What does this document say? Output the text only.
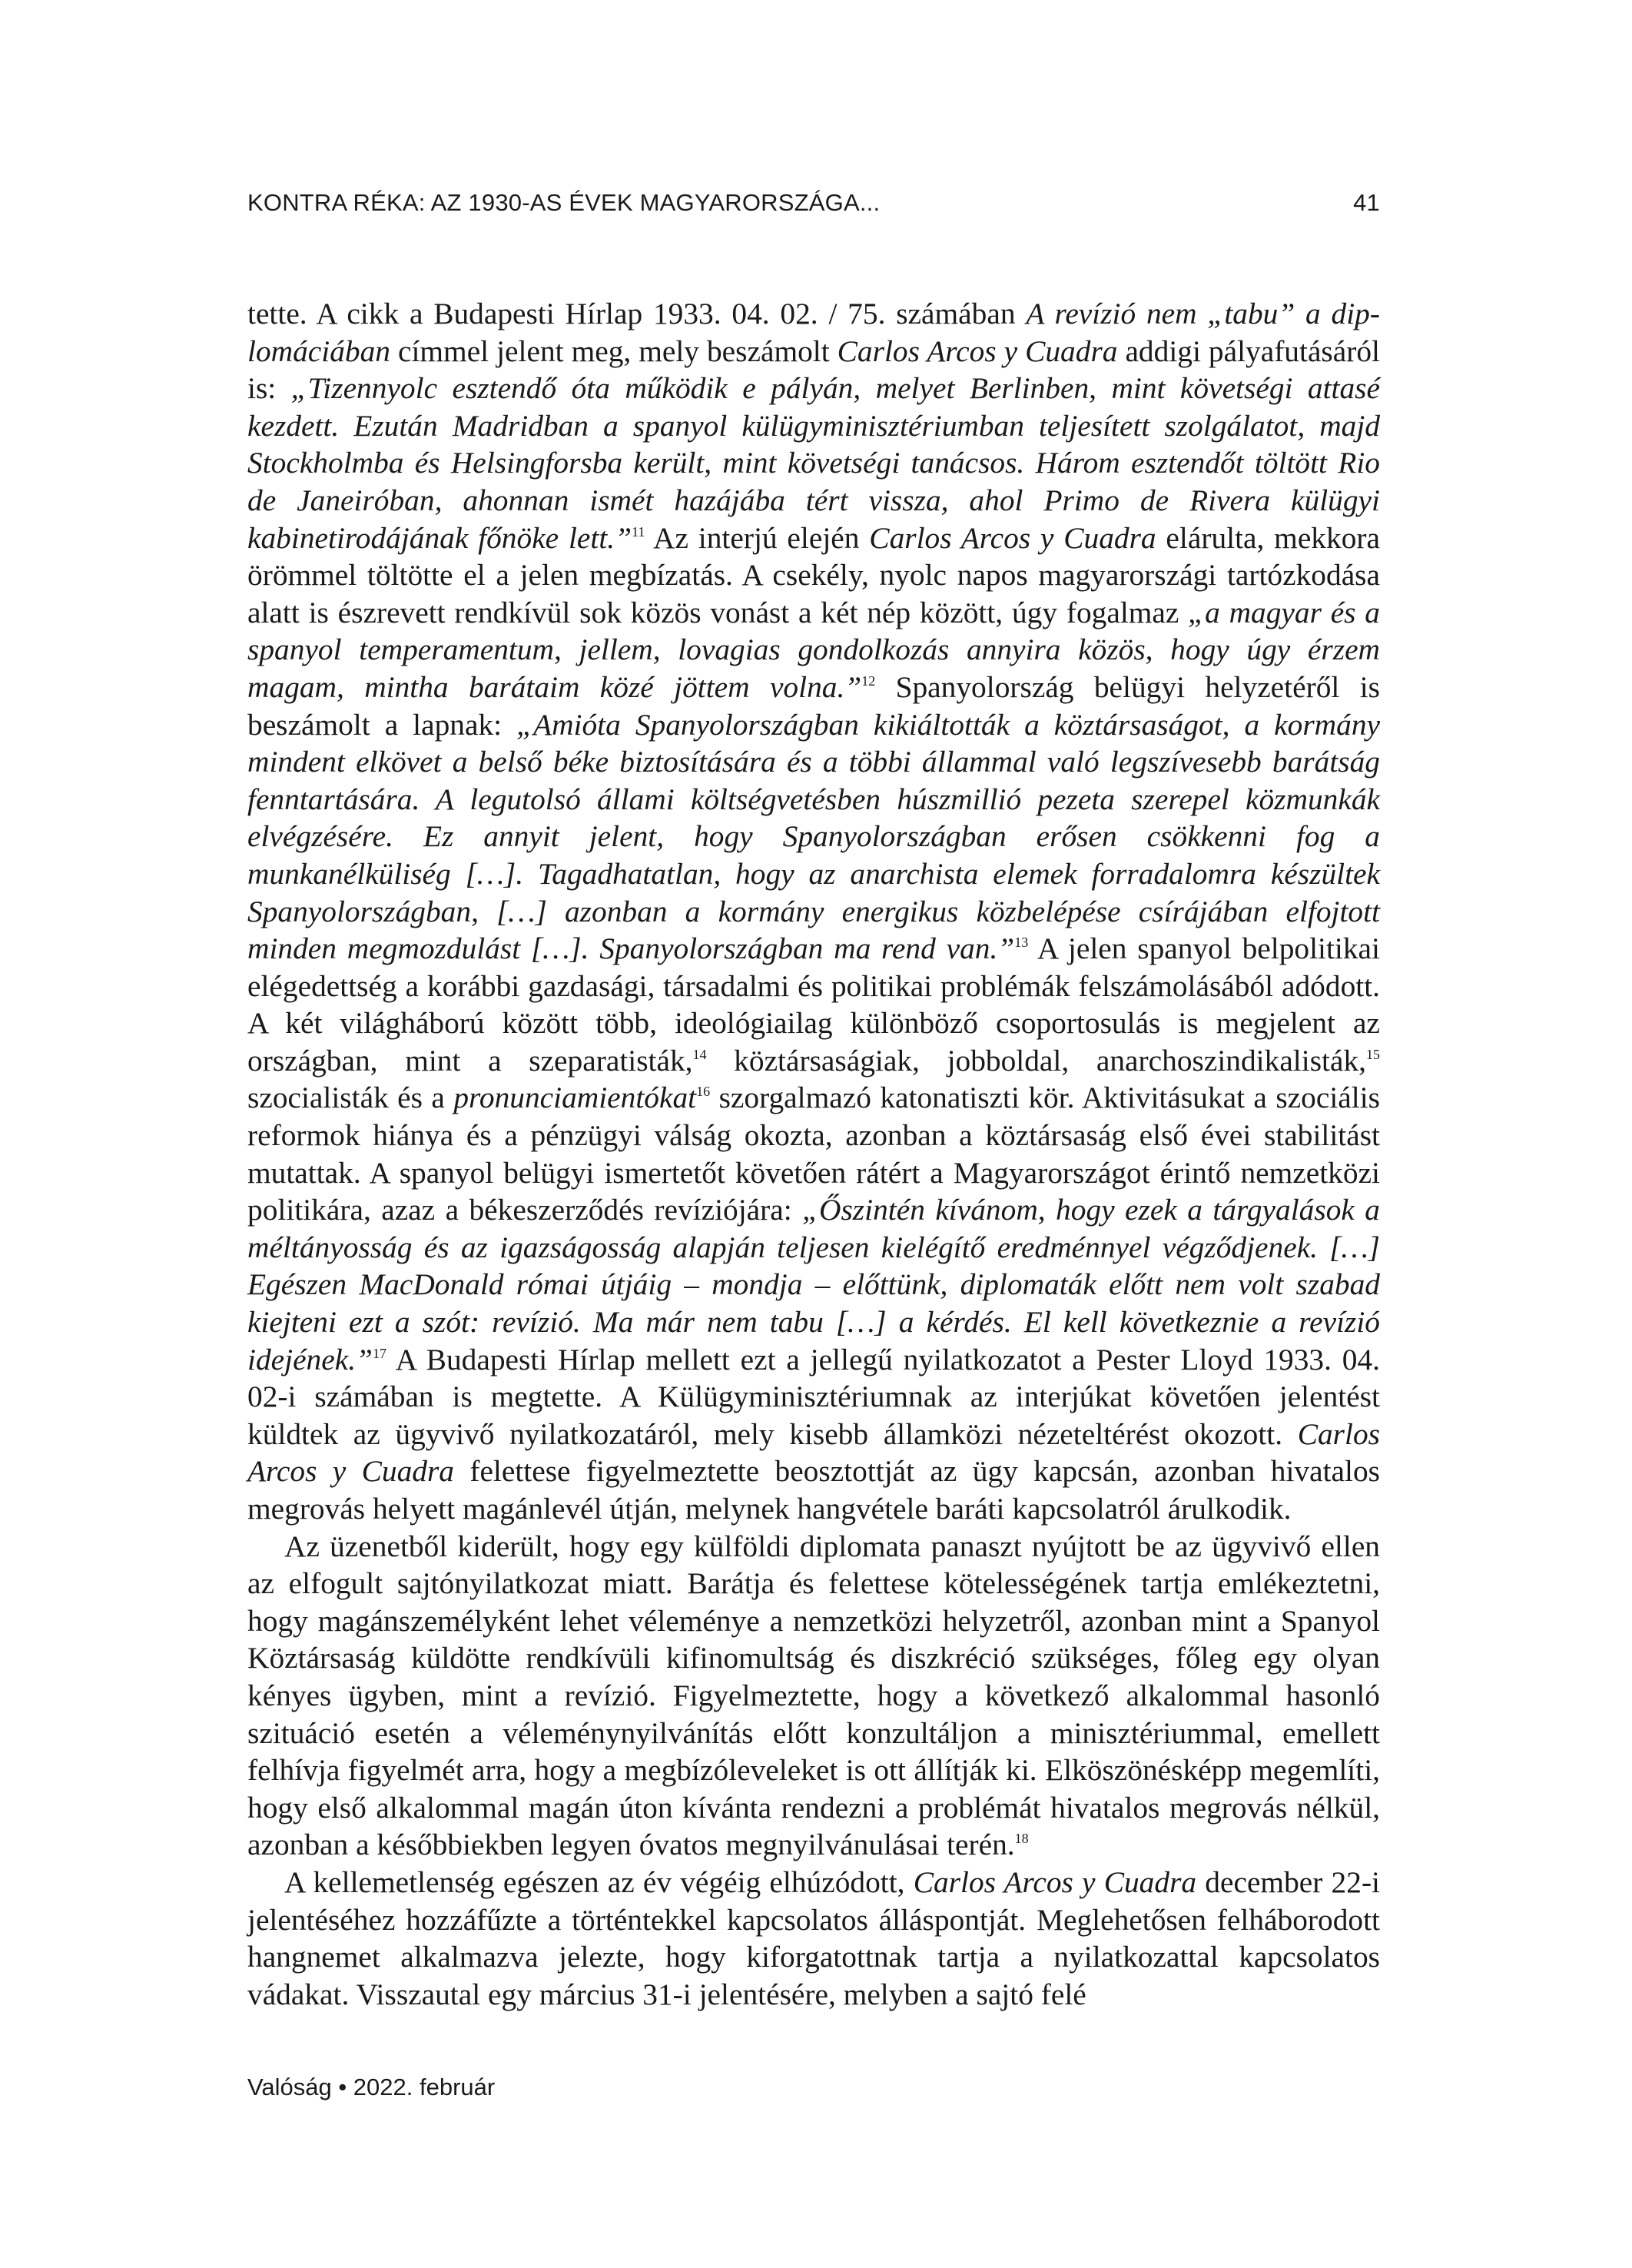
KONTRA RÉKA: AZ 1930-AS ÉVEK MAGYARORSZÁGA...	41

tette. A cikk a Budapesti Hírlap 1933. 04. 02. / 75. számában A revízió nem „tabu” a diplomáciában címmel jelent meg, mely beszámolt Carlos Arcos y Cuadra addigi pályafutásáról is: „Tizennyolc esztendő óta működik e pályán, melyet Berlinben, mint követségi attasé kezdett. Ezután Madridban a spanyol külügyminisztériumban teljesített szolgálatot, majd Stockholmba és Helsingforsba került, mint követségi tanácsos. Három esztendőt töltött Rio de Janeiróban, ahonnan ismét hazájába tért vissza, ahol Primo de Rivera külügyi kabinetirodájának főnöke lett.”$^{11}$ Az interjú elején Carlos Arcos y Cuadra elárulta, mekkora örömmel töltötte el a jelen megbízatás. A csekély, nyolc napos magyarországi tartózkodása alatt is észrevett rendkívül sok közös vonást a két nép között, úgy fogalmaz „a magyar és a spanyol temperamentum, jellem, lovagias gondolkozás annyira közös, hogy úgy érzem magam, mintha barátaim közé jöttem volna.”$^{12}$ Spanyolország belügyi helyzetéről is beszámolt a lapnak: „Amióta Spanyolországban kikiáltották a köztársaságot, a kormány mindent elkövet a belső béke biztosítására és a többi állammal való legszívesebb barátság fenntartására. A legutolsó állami költségvetésben húszmillió pezeta szerepel közmunkák elvégzésére. Ez annyit jelent, hogy Spanyolországban erősen csökkenni fog a munkanélküliség […]. Tagadhatatlan, hogy az anarchista elemek forradalomra készültek Spanyolországban, […] azonban a kormány energikus közbelépése csírájában elfojtott minden megmozdulást […]. Spanyolországban ma rend van.”$^{13}$ A jelen spanyol belpolitikai elégedettség a korábbi gazdasági, társadalmi és politikai problémák felszámolásából adódott. A két világháború között több, ideológiailag különböző csoportosulás is megjelent az országban, mint a szeparatisták,$^{14}$ köztársaságiak, jobboldal, anarchoszindikalisták,$^{15}$ szocialisták és a pronunciamientókat$^{16}$ szorgalmazó katonatiszti kör. Aktivitásukat a szociális reformok hiánya és a pénzügyi válság okozta, azonban a köztársaság első évei stabilitást mutattak. A spanyol belügyi ismertetőt követően rátért a Magyarországot érintő nemzetközi politikára, azaz a békeszerződés revíziójára: „Őszintén kívánom, hogy ezek a tárgyalások a méltányosság és az igazságosság alapján teljesen kielégítő eredménnyel végződjenek. […] Egészen MacDonald római útjáig – mondja – előttünk, diplomaták előtt nem volt szabad kiejteni ezt a szót: revízió. Ma már nem tabu […] a kérdés. El kell következnie a revízió idejének.”$^{17}$ A Budapesti Hírlap mellett ezt a jellegű nyilatkozatot a Pester Lloyd 1933. 04. 02-i számában is megtette. A Külügyminisztériumnak az interjúkat követően jelentést küldtek az ügyvivő nyilatkozatáról, mely kisebb államközi nézeteltérést okozott. Carlos Arcos y Cuadra felettese figyelmeztette beosztottját az ügy kapcsán, azonban hivatalos megrovás helyett magánlevél útján, melynek hangvétele baráti kapcsolatról árulkodik.

Az üzenetből kiderült, hogy egy külföldi diplomata panaszt nyújtott be az ügyvivő ellen az elfogult sajtónyilatkozat miatt. Barátja és felettese kötelességének tartja emlékeztetni, hogy magánszemélyként lehet véleménye a nemzetközi helyzetről, azonban mint a Spanyol Köztársaság küldötte rendkívüli kifinomultság és diszkréció szükséges, főleg egy olyan kényes ügyben, mint a revízió. Figyelmeztette, hogy a következő alkalommal hasonló szituáció esetén a véleménynyilvánítás előtt konzultáljon a minisztériummal, emellett felhívja figyelmét arra, hogy a megbízóleveleket is ott állítják ki. Elköszönésképp megemlíti, hogy első alkalommal magán úton kívánta rendezni a problémát hivatalos megrovás nélkül, azonban a későbbiekben legyen óvatos megnyilvánulásai terén.$^{18}$

A kellemetlenség egészen az év végéig elhúzódott, Carlos Arcos y Cuadra december 22-i jelentéséhez hozzáfűzte a történtekkel kapcsolatos álláspontját. Meglehetősen felháborodott hangnemet alkalmazva jelezte, hogy kiforgatottnak tartja a nyilatkozattal kapcsolatos vádakat. Visszautal egy március 31-i jelentésére, melyben a sajtó felé

Valóság • 2022. február
